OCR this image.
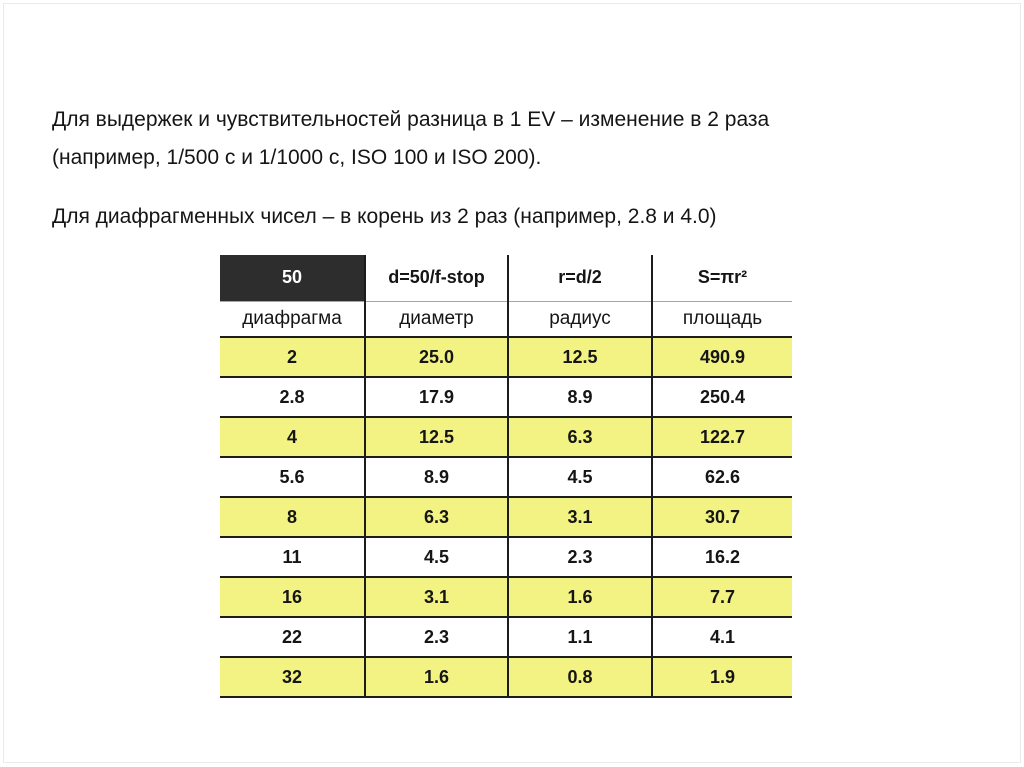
Для выдержек и чувствительностей разница в 1 EV – изменение в 2 раза
(например, 1/500 с и 1/1000 с, ISO 100 и ISO 200).
Для диафрагменных чисел – в корень из 2 раз (например, 2.8 и 4.0)
50	d=50/f-stop	r=d/2	S=πr²
диафрагма	диаметр	радиус	площадь
2	25.0	12.5	490.9
2.8	17.9	8.9	250.4
4	12.5	6.3	122.7
5.6	8.9	4.5	62.6
8	6.3	3.1	30.7
11	4.5	2.3	16.2
16	3.1	1.6	7.7
22	2.3	1.1	4.1
32	1.6	0.8	1.9
